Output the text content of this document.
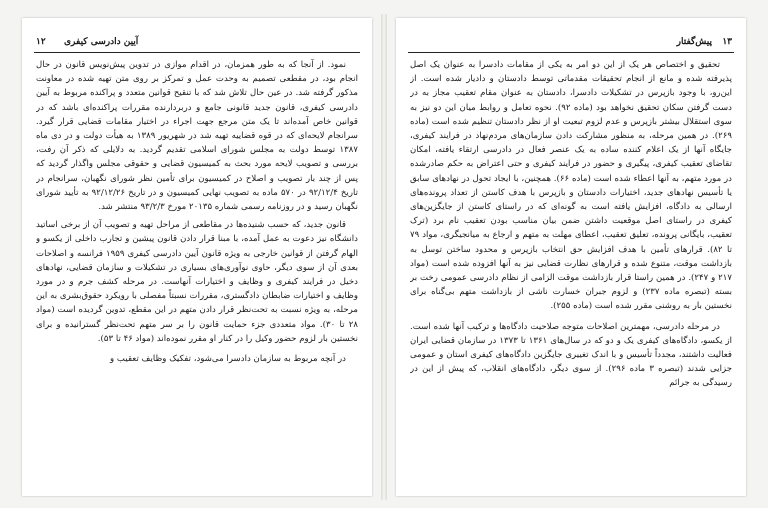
۱۲ آیین دادرسی کیفری

نمود. از آنجا که به طور همزمان، در اقدام موازی در تدوین پیش‌نویس قانون در حال انجام بود، در مقطعی تصمیم به وحدت عمل و تمرکز بر روی متن تهیه شده در معاونت مذکور گرفته شد. در عین حال تلاش شد که با تنقیح قوانین متعدد و پراکنده مربوط به آیین دادرسی کیفری، قانون جدید قانونی جامع و دربردارنده مقررات پراکنده‌ای باشد که در قوانین خاص آمده‌اند تا یک متن مرجع جهت اجراء در اختیار مقامات قضایی قرار گیرد. سرانجام لایحه‌ای که در قوه قضاییه تهیه شد در شهریور ۱۳۸۹ به هیأت دولت و در دی ماه ۱۳۸۷ توسط دولت به مجلس شورای اسلامی تقدیم گردید. به دلایلی که ذکر آن رفت، بررسی و تصویب لایحه مورد بحث به کمیسیون قضایی و حقوقی مجلس واگذار گردید که پس از چند بار تصویب و اصلاح در کمیسیون برای تأمین نظر شورای نگهبان، سرانجام در تاریخ ۹۲/۱۲/۴ در ۵۷۰ ماده به تصویب نهایی کمیسیون و در تاریخ ۹۲/۱۲/۲۶ به تأیید شورای نگهبان رسید و در روزنامه رسمی شماره ۲۰۱۳۵ مورخ ۹۳/۲/۳ منتشر شد.

قانون جدید، که حسب شنیده‌ها در مقاطعی از مراحل تهیه و تصویب آن از برخی اساتید دانشگاه نیز دعوت به عمل آمده، با مبنا قرار دادن قانون پیشین و تجارب داخلی از یکسو و الهام گرفتن از قوانین خارجی به ویژه قانون آیین دادرسی کیفری ۱۹۵۹ فرانسه و اصلاحات بعدی آن از سوی دیگر، حاوی نوآوری‌های بسیاری در تشکیلات و سازمان قضایی، نهادهای دخیل در فرایند کیفری و وظایف و اختیارات آنهاست. در مرحله کشف جرم و در مورد وظایف و اختیارات ضابطان دادگستری، مقررات نسبتاً مفصلی با رویکرد حقوق‌بشری به این مرحله، به ویژه نسبت به تحت‌نظر قرار دادن متهم در این مقطع، تدوین گردیده است (مواد ۲۸ تا ۳۰). مواد متعددی جزء حمایت قانون را بر سر متهم تحت‌نظر گسترانیده و برای نخستین بار لزوم حضور وکیل را در کنار او مقرر نموده‌اند (مواد ۴۶ تا ۵۳).

در آنچه مربوط به سازمان دادسرا می‌شود، تفکیک وظایف تعقیب و

۱۳
پیش‌گفتار

تحقیق و اختصاص هر یک از این دو امر به یکی از مقامات دادسرا به عنوان یک اصل پذیرفته شده و مانع از انجام تحقیقات مقدماتی توسط دادستان و دادیار شده است. از این‌رو، با وجود بازپرس در تشکیلات دادسرا، دادستان به عنوان مقام تعقیب مجاز به در دست گرفتن سکان تحقیق نخواهد بود (ماده ۹۲). نحوه تعامل و روابط میان این دو نیز به سوی استقلال بیشتر بازپرس و عدم لزوم تبعیت او از نظر دادستان تنظیم شده است (ماده ۲۶۹). در همین مرحله، به منظور مشارکت دادن سازمان‌های مردم‌نهاد در فرایند کیفری، جایگاه آنها از یک اعلام کننده ساده به یک عنصر فعال در دادرسی ارتقاء یافته، امکان تقاضای تعقیب کیفری، پیگیری و حضور در فرایند کیفری و حتی اعتراض به حکم صادرشده در مورد متهم، به آنها اعطاء شده است (ماده ۶۶). همچنین، با ایجاد تحول در نهادهای سابق یا تأسیس نهادهای جدید، اختیارات دادستان و بازپرس با هدف کاستن از تعداد پرونده‌های ارسالی به دادگاه، افزایش یافته است به گونه‌ای که در راستای کاستن از جایگزین‌های کیفری در راستای اصل موقعیت داشتن ضمن بیان مناسب بودن تعقیب نام برد (ترک تعقیب، بایگانی پرونده، تعلیق تعقیب، اعطای مهلت به متهم و ارجاع به میانجیگری، مواد ۷۹ تا ۸۲). قرارهای تأمین با هدف افزایش حق انتخاب بازپرس و محدود ساختن توسل به بازداشت موقت، متنوع شده و قرارهای نظارت قضایی نیز به آنها افزوده شده است (مواد ۲۱۷ و ۲۴۷). در همین راستا قرار بازداشت موقت الزامی از نظام دادرسی عمومی رخت بر بسته (تبصره ماده ۲۳۷) و لزوم جبران خسارت ناشی از بازداشت متهم بی‌گناه برای نخستین بار به روشنی مقرر شده است (ماده ۲۵۵).

در مرحله دادرسی، مهمترین اصلاحات متوجه صلاحیت دادگاه‌ها و ترکیب آنها شده است. از یکسو، دادگاه‌های کیفری یک و دو که در سال‌های ۱۳۶۱ تا ۱۳۷۳ در سازمان قضایی ایران فعالیت داشتند، مجدداً تأسیس و با اندک تغییری جایگزین دادگاه‌های کیفری استان و عمومی جزایی شدند (تبصره ۳ ماده ۲۹۶). از سوی دیگر، دادگاه‌های انقلاب، که پیش از این در رسیدگی به جرائم
